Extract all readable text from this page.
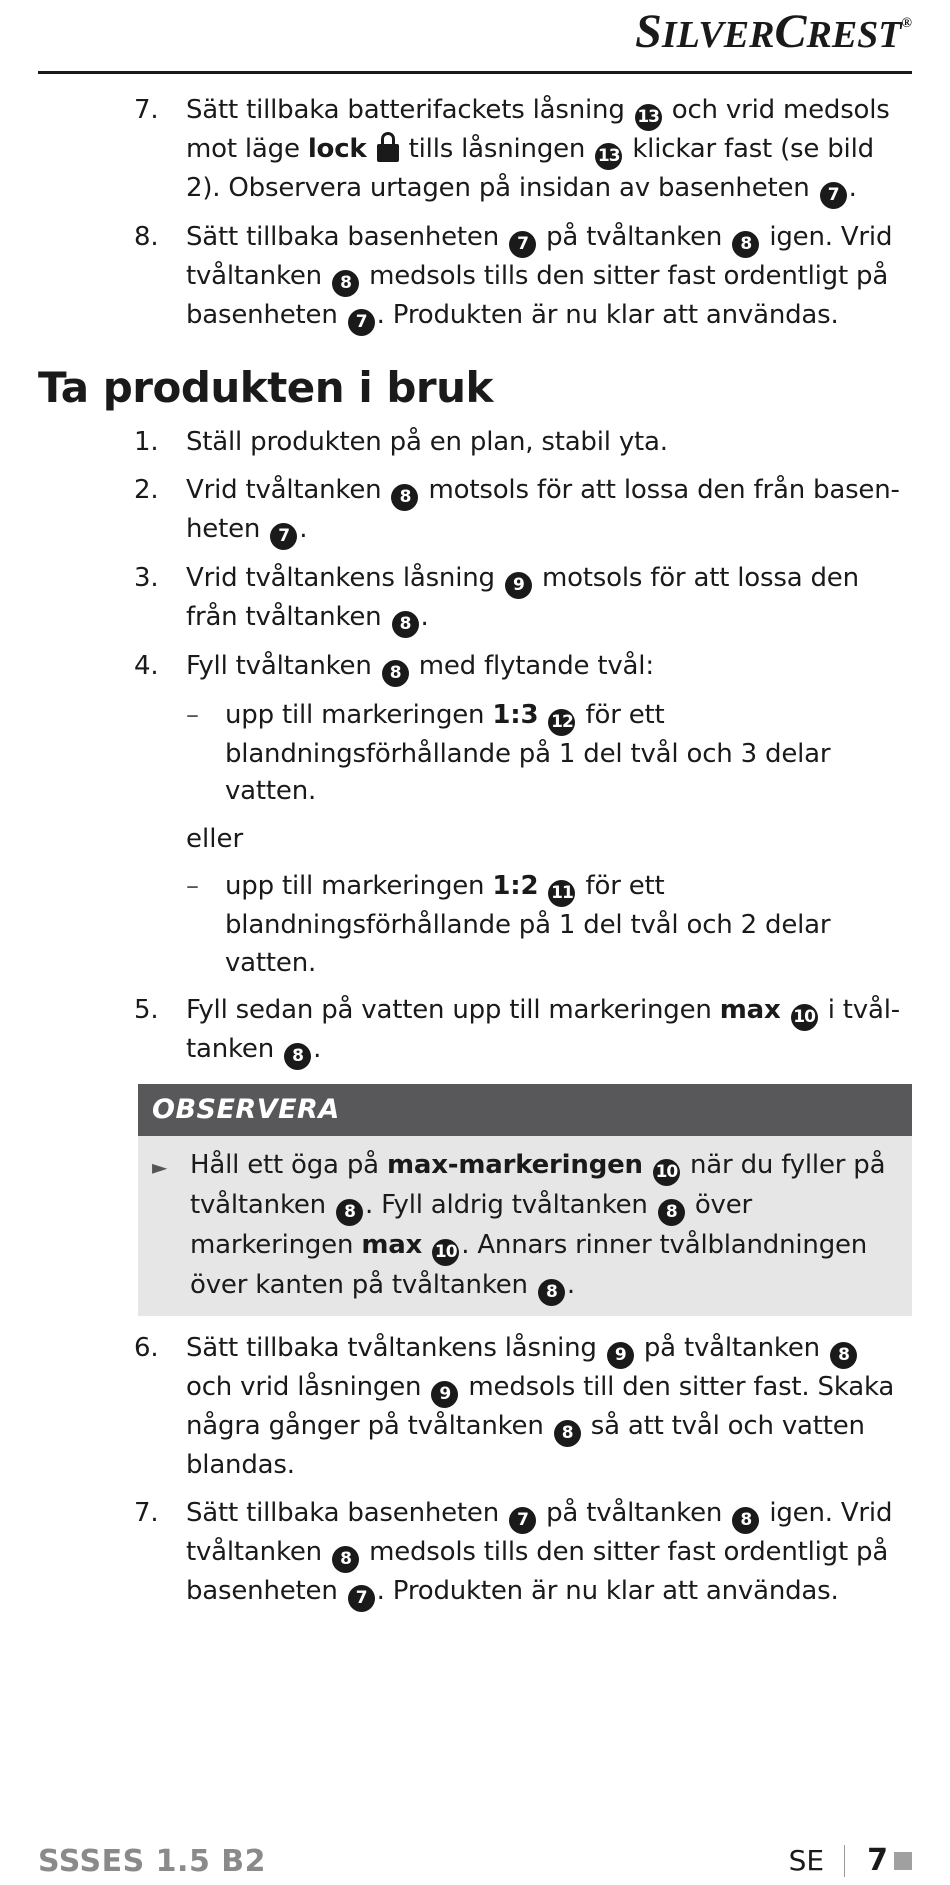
SILVERCREST®
7.	Sätt tillbaka batterifackets låsning 13 och vrid medsols mot läge lock
tills låsningen 13 klickar fast (se bild 2). Observera urtagen på insidan av basenheten 7 .
8.	Sätt tillbaka basenheten 7 på tvåltanken 8 igen. Vrid tvåltanken 8 medsols tills den sitter fast ordentligt på basenheten 7 . Produkten är nu klar att användas.
Ta produkten i bruk
1.	Ställ produkten på en plan, stabil yta.
2.	Vrid tvåltanken 8 motsols för att lossa den från basenheten 7 .
3.	Vrid tvåltankens låsning 9 motsols för att lossa den från tvåltanken 8 .
4.	Fyll tvåltanken 8 med flytande tvål:
– upp till markeringen 1:3 12 för ett blandningsförhållande på 1 del tvål och 3 delar vatten.
eller
– upp till markeringen 1:2 11 för ett blandningsförhållande på 1 del tvål och 2 delar vatten.
5.	Fyll sedan på vatten upp till markeringen max 10 i tvåltanken 8 .
OBSERVERA
► Håll ett öga på max-markeringen 10 när du fyller på tvåltanken 8 . Fyll aldrig tvåltanken 8 över markeringen max 10 . Annars rinner tvålblandningen över kanten på tvåltanken 8 .
6.	Sätt tillbaka tvåltankens låsning 9 på tvåltanken 8 och vrid låsningen 9 medsols till den sitter fast. Skaka några gånger på tvåltanken 8 så att tvål och vatten blandas.
7.	Sätt tillbaka basenheten 7 på tvåltanken 8 igen. Vrid tvåltanken 8 medsols tills den sitter fast ordentligt på basenheten 7 . Produkten är nu klar att användas.
SSSES 1.5 B2	SE 7
